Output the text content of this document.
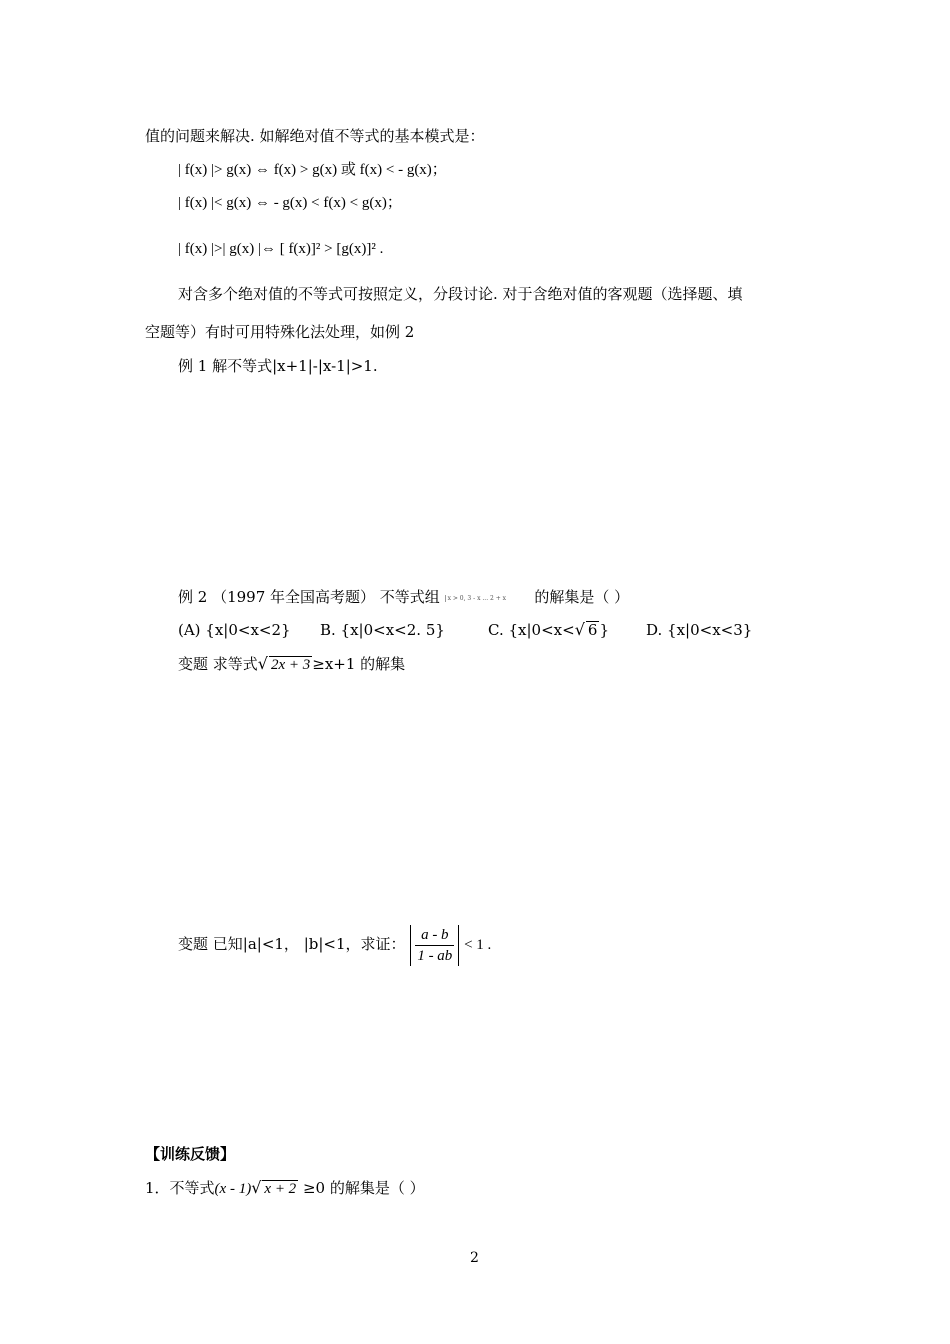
值的问题来解决. 如解绝对值不等式的基本模式是：
| f(x) |> g(x) ⇔ f(x) > g(x) 或 f(x) < - g(x)；
| f(x) |< g(x) ⇔ - g(x) < f(x) < g(x)；
| f(x) |>| g(x) |⇔ [ f(x)]² > [g(x)]² .
对含多个绝对值的不等式可按照定义，分段讨论. 对于含绝对值的客观题（选择题、填
空题等）有时可用特殊化法处理，如例 2
例 1 解不等式|x+1|-|x-1|>1.
例 2 （1997 年全国高考题） 不等式组 x > 0, 3 - x ... 2 + x 的解集是（ ）
(A) {x|0<x<2} B. {x|0<x<2. 5}	C. {x|0<x<√ 6 } D. {x|0<x<3}
变题 求等式√ 2x + 3 ≥x+1 的解集
变题 已知|a|<1， |b|<1，求证： $\frac{a - b}{1 - ab} < 1$ .
【训练反馈】
1．不等式(x - 1)√ x + 2 ≥0 的解集是（ ）
2
